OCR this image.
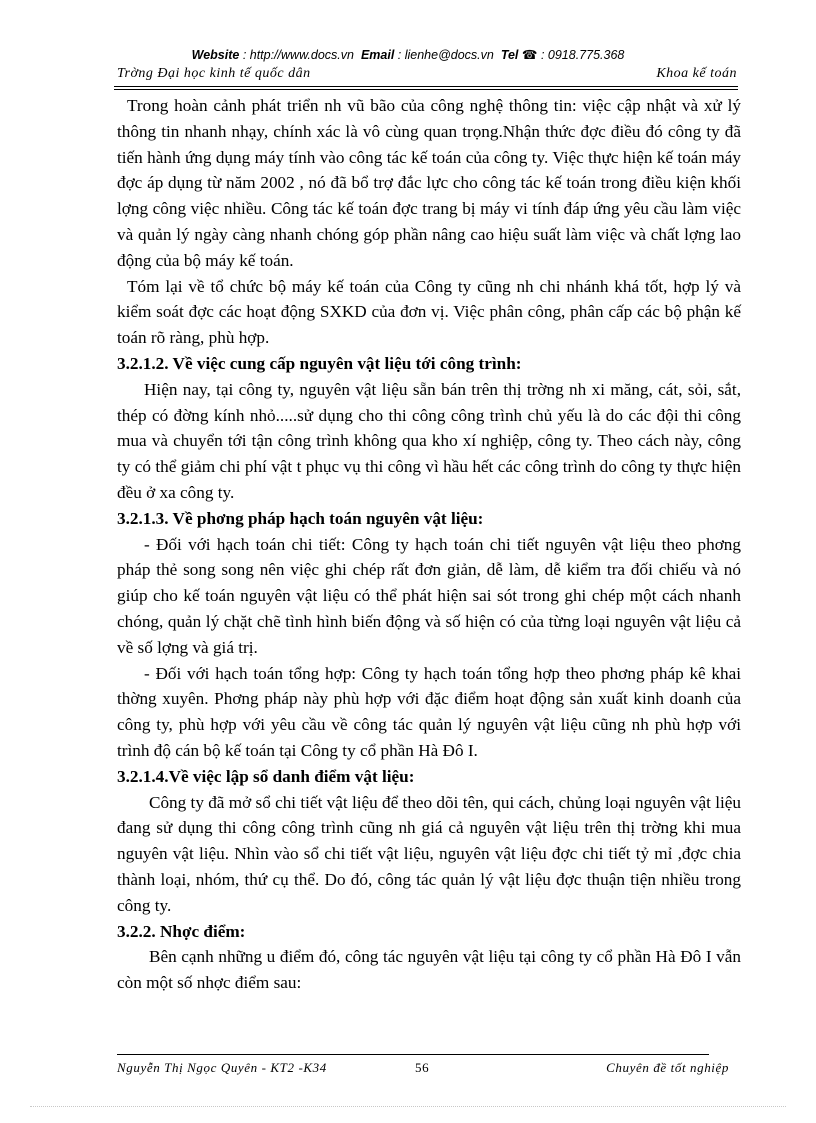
Website : http://www.docs.vn Email : lienhe@docs.vn Tel ☎ : 0918.775.368
Trờng Đại học kinh tế quốc dân	Khoa kế toán

Trong hoàn cảnh phát triển nh vũ bão của công nghệ thông tin: việc cập nhật và xử lý thông tin nhanh nhạy, chính xác là vô cùng quan trọng.Nhận thức đợc điều đó công ty đã tiến hành ứng dụng máy tính vào công tác kế toán của công ty. Việc thực hiện kế toán máy đợc áp dụng từ năm 2002 , nó đã bổ trợ đắc lực cho công tác kế toán trong điều kiện khối lợng công việc nhiều. Công tác kế toán đợc trang bị máy vi tính đáp ứng yêu cầu làm việc và quản lý ngày càng nhanh chóng góp phần nâng cao hiệu suất làm việc và chất lợng lao động của bộ máy kế toán.

Tóm lại về tổ chức bộ máy kế toán của Công ty cũng nh chi nhánh khá tốt, hợp lý và kiểm soát đợc các hoạt động SXKD của đơn vị. Việc phân công, phân cấp các bộ phận kế toán rõ ràng, phù hợp.

3.2.1.2. Về việc cung cấp nguyên vật liệu tới công trình:

Hiện nay, tại công ty, nguyên vật liệu sẵn bán trên thị trờng nh xi măng, cát, sỏi, sắt, thép có đờng kính nhỏ.....sử dụng cho thi công công trình chủ yếu là do các đội thi công mua và chuyển tới tận công trình không qua kho xí nghiệp, công ty. Theo cách này, công ty có thể giảm chi phí vật t phục vụ thi công vì hầu hết các công trình do công ty thực hiện đều ở xa công ty.

3.2.1.3. Về phơng pháp hạch toán nguyên vật liệu:

- Đối với hạch toán chi tiết: Công ty hạch toán chi tiết nguyên vật liệu theo phơng pháp thẻ song song nên việc ghi chép rất đơn giản, dễ làm, dễ kiểm tra đối chiếu và nó giúp cho kế toán nguyên vật liệu có thể phát hiện sai sót trong ghi chép một cách nhanh chóng, quản lý chặt chẽ tình hình biến động và số hiện có của từng loại nguyên vật liệu cả về số lợng và giá trị.

- Đối với hạch toán tổng hợp: Công ty hạch toán tổng hợp theo phơng pháp kê khai thờng xuyên. Phơng pháp này phù hợp với đặc điểm hoạt động sản xuất kinh doanh của công ty, phù hợp với yêu cầu về công tác quản lý nguyên vật liệu cũng nh phù hợp với trình độ cán bộ kế toán tại Công ty cổ phần Hà Đô I.

3.2.1.4.Về việc lập sổ danh điểm vật liệu:

Công ty đã mở sổ chi tiết vật liệu để theo dõi tên, qui cách, chủng loại nguyên vật liệu đang sử dụng thi công công trình cũng nh giá cả nguyên vật liệu trên thị trờng khi mua nguyên vật liệu. Nhìn vào sổ chi tiết vật liệu, nguyên vật liệu đợc chi tiết tỷ mỉ ,đợc chia thành loại, nhóm, thứ cụ thể. Do đó, công tác quản lý vật liệu đợc thuận tiện nhiều trong công ty.

3.2.2. Nhợc điểm:

Bên cạnh những u điểm đó, công tác nguyên vật liệu tại công ty cổ phần Hà Đô I vẫn còn một số nhợc điểm sau:

Nguyễn Thị Ngọc Quyên - KT2 -K34	56	Chuyên đề tốt nghiệp
